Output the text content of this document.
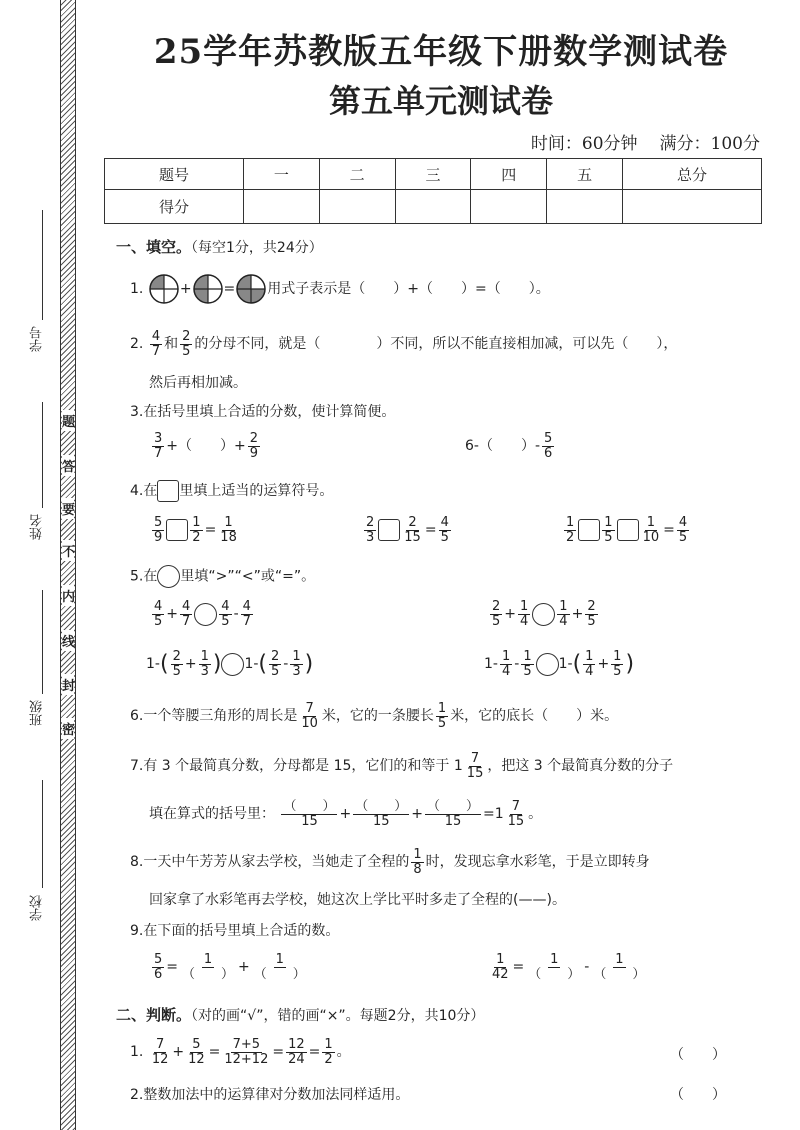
学号
姓名
班级
学校
题
答
要
不
内
线
封
密
25学年苏教版五年级下册数学测试卷
第五单元测试卷
时间：60分钟 满分：100分
题号	一	二	三	四	五	总分
得分						
一、填空。（每空1分，共24分）
1.	+ = 用式子表示是（　　）+（　　）=（　　）。
2. $\frac{4}{7}$ 和 $\frac{2}{5}$ 的分母不同，就是（　　　　）不同，所以不能直接相加减，可以先（　　），
然后再相加减。
3.在括号里填上合适的分数，使计算简便。
$\frac{3}{7}$ +（　　）+ $\frac{2}{9}$	6-（　　）- $\frac{5}{6}$
4.在 里填上适当的运算符号。
$\frac{5}{9} \frac{1}{2} = \frac{1}{18}$	$\frac{2}{3} \frac{2}{15} = \frac{4}{5}$	$\frac{1}{2} \frac{1}{5} \frac{1}{10} = \frac{4}{5}$
5.在 里填“>”“<”或“=”。
$\frac{4}{5} + \frac{4}{7} \frac{4}{5} - \frac{4}{7}$	$\frac{2}{5} + \frac{1}{4} \frac{1}{4} + \frac{2}{5}$
$1-( \frac{2}{5} + \frac{1}{3}$ ) $1-( \frac{2}{5} - \frac{1}{3}$ )	$1- \frac{1}{4} - \frac{1}{5} 1-( \frac{1}{4} + \frac{1}{5}$ )
6.一个等腰三角形的周长是 $\frac{7}{10}$ 米，它的一条腰长 $\frac{1}{5}$ 米，它的底长（　　）米。
7.有 3 个最简真分数，分母都是 15，它们的和等于 $1 \frac{7}{15}$ ，把这 3 个最简真分数的分子
填在算式的括号里： $\frac{( )}{15} + \frac{( )}{15} + \frac{( )}{15} =1 \frac{7}{15}$ 。
8.一天中午芳芳从家去学校，当她走了全程的 $\frac{1}{8}$ 时，发现忘拿水彩笔，于是立即转身
回家拿了水彩笔再去学校，她这次上学比平时多走了全程的(——)。
9.在下面的括号里填上合适的数。
$\frac{5}{6} = \frac{1}{( )} + \frac{1}{( )}$	$\frac{1}{42} = \frac{1}{( )} - \frac{1}{( )}$
二、判断。（对的画“√”，错的画“×”。每题2分，共10分）
1. $\frac{7}{12} + \frac{5}{12} = \frac{7+5}{12+12} = \frac{12}{24} = \frac{1}{2}$ 。	（　　）
2.整数加法中的运算律对分数加法同样适用。	（　　）
